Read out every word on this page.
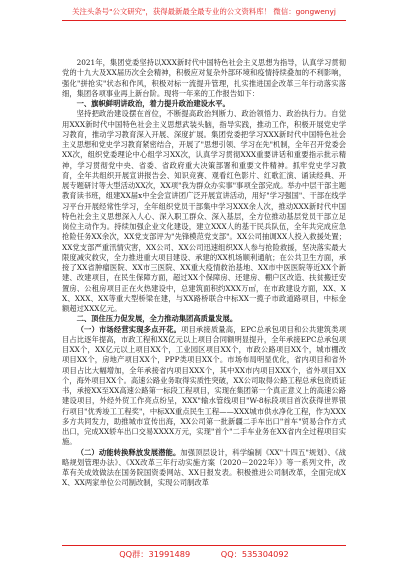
关注头条号"公文研究"，获得最新最全最专业的公文资料库！ 微信：gongwenyj

2021年，集团党委坚持以XXX新时代中国特色社会主义思想为指导，认真学习贯彻党的十九大及XX届历次全会精神，积极应对复杂外部环境和疫情持续叠加的不利影响，强化"拼抢实"状态和作风，积极对标一流提升管理，扎实推进国企改革三年行动落实落细，集团各项事业再上新台阶。现将一年来的工作报告如下：

一、旗帜鲜明讲政治，着力提升政治建设水平。

坚持把政治建设摆在首位，不断提高政治判断力、政治领悟力、政治执行力。自觉用XXX新时代中国特色社会主义思想武装头脑，指导实践，推动工作，积极开展党史学习教育，推动学习教育深入开展、深度扩展。集团党委把学习XXX新时代中国特色社会主义思想和党史学习教育紧密结合，开展了"思想引领、学习在先"机制，全年召开党委会XX次，组织党委理论中心组学习XX次，认真学习贯彻XXX重要讲话和重要指示批示精神，学习贯彻党中央、省委、省政府重大决策部署和重要文件精神。抓牢党史学习教育，全年共组织开展宣讲报告会、知识竞赛、观看红色影片、红歌汇演、诵读经典、开展专题研讨等大型活动XX次，XX项"我为群众办实事"事项全部完成。举办中层干部主题教育读书班，组建XX届x中全会宣讲团广泛开展宣讲活动，用好"学习强国"、干部在线学习平台开展经常性学习，全年组织党员干部集中学习XXX余人次，推动XXX新时代中国特色社会主义思想深入人心、深入职工群众、深入基层，全方位推动基层党员干部立足岗位主动作为。持续加强企业文化建设，建立XXX人的基干民兵队伍，全年共完成应急抢险任务XX余次，XX党支部评为"先锋模范党支部"。XX公司抽调XX人投入救援处置；XX党支部严重汛情灾害，XX公司、XX公司迅速组织XX人参与抢险救援，坚决落实最大限度减灾救灾，全力推进重大项目建设、承建的XX机场顺利通航；在公共卫生方面，承接了XX省肿瘤医院、XX市三医院、XX重大疫情救治基地、XX市中医医院等近XX个新建、改建项目，在民生保障方面，超过XX个保障房、还建房、棚户区改造、扶贫搬迁安置房、公租房项目正在火热建设中，总建筑面积约XXX万㎡，在市政建设方面，XX、XX、XXX、XX等重大型桥梁在建，与XX路桥联合中标XX一揽子市政道路项目，中标金额超过XXX亿元。

二、顶住压力促发展，全力推动集团高质量发展。

（一）市场经营实现多点开花。项目承接质量高，EPC总承包项目和公共建筑类项目占比逐年提高，市政工程和XX亿元以上项目合同额明显提升，全年承接EPC总承包项目XX个，XX亿元以上项目XX个，工业园区项目XX个，市政公路项目XX个，城市棚改项目XX个，房地产项目XX个，PPP类项目XX个。市场布局明显优化，省内项目和省外项目占比大幅增加，全年承接省内项目XXX个，其中XX市内项目XXX个，省外项目XX个，海外项目XX个。高速公路业务取得实质性突破，XX公司取得公路工程总承包资质证书，承接XX至XX高速公路第一标段工程项目，实现在集团第一个真正意义上的高速公路建设项目，外经外贸工作亮点纷呈，XXX"输水管线项目"W-8标段项目首次获得世界银行项目"优秀竣工工程奖"，中标XX重点民生工程——XXX城市供水净化工程，作为XXX多方共同发力，助推城市宣传出海，XX公司第一批新疆二手车出口"首车"贸易合作方式出口，完成XX轿车出口交易XXXX万元，实现"首个"二手车业务在XX省内全过程项目实施。

（二）动能转换释放发展潜能。加强顶层设计，科学编制《XX"十四五"规划》、《战略规划管理办法》、《XX改革三年行动实施方案（2020－2022年）》等一系列文件，改革有关成效做法在国务院国资委网站、XX日报发表。积极推进公司制改革，全面完成XX、XX两家单位公司制改制，实现公司制改革

QQ群：31991489	QQ：535304092
